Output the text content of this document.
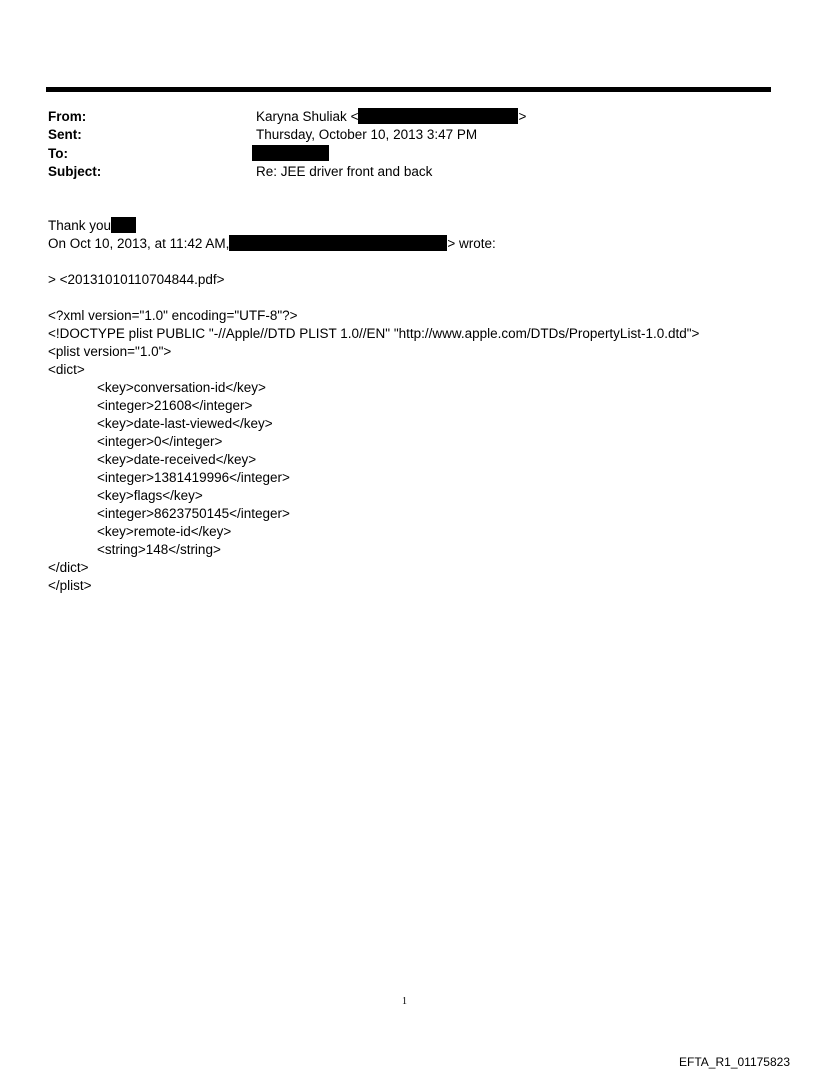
From:	Karyna Shuliak <	>
Sent:	Thursday, October 10, 2013 3:47 PM
To:
Subject:	Re: JEE driver front and back
Thank you
On Oct 10, 2013, at 11:42 AM,	> wrote:
> <20131010110704844.pdf>
<?xml version="1.0" encoding="UTF-8"?>
<!DOCTYPE plist PUBLIC "-//Apple//DTD PLIST 1.0//EN" "http://www.apple.com/DTDs/PropertyList-1.0.dtd">
<plist version="1.0">
<dict>
<key>conversation-id</key>
<integer>21608</integer>
<key>date-last-viewed</key>
<integer>0</integer>
<key>date-received</key>
<integer>1381419996</integer>
<key>flags</key>
<integer>8623750145</integer>
<key>remote-id</key>
<string>148</string>
</dict>
</plist>
1
EFTA_R1_01175823
